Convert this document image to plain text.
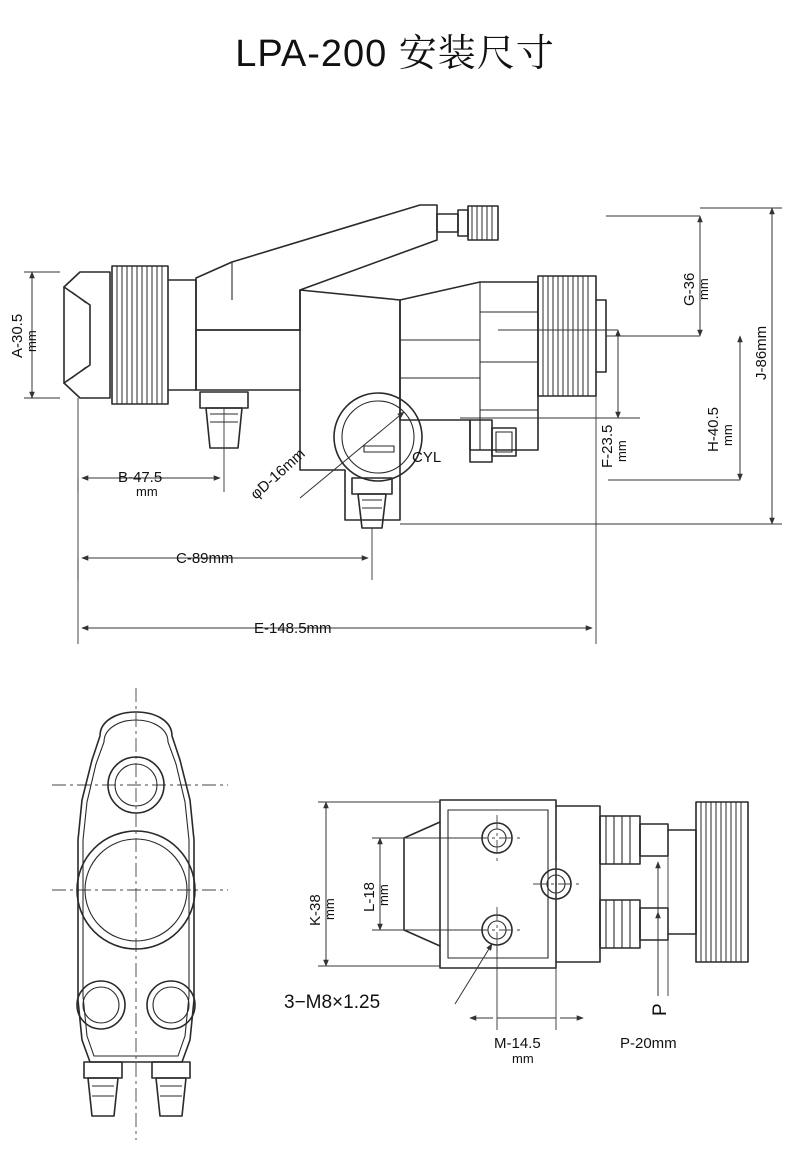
LPA-200 安装尺寸
A-30.5
mm
B-47.5
mm
C-89mm
E-148.5mm
φD-16mm	CYL	F-23.5
mm
G-36
mm
H-40.5
mm
J-86mm
K-38
mm L-18
mm
M-14.5
mm
3−M8×1.25	P
P-20mm
